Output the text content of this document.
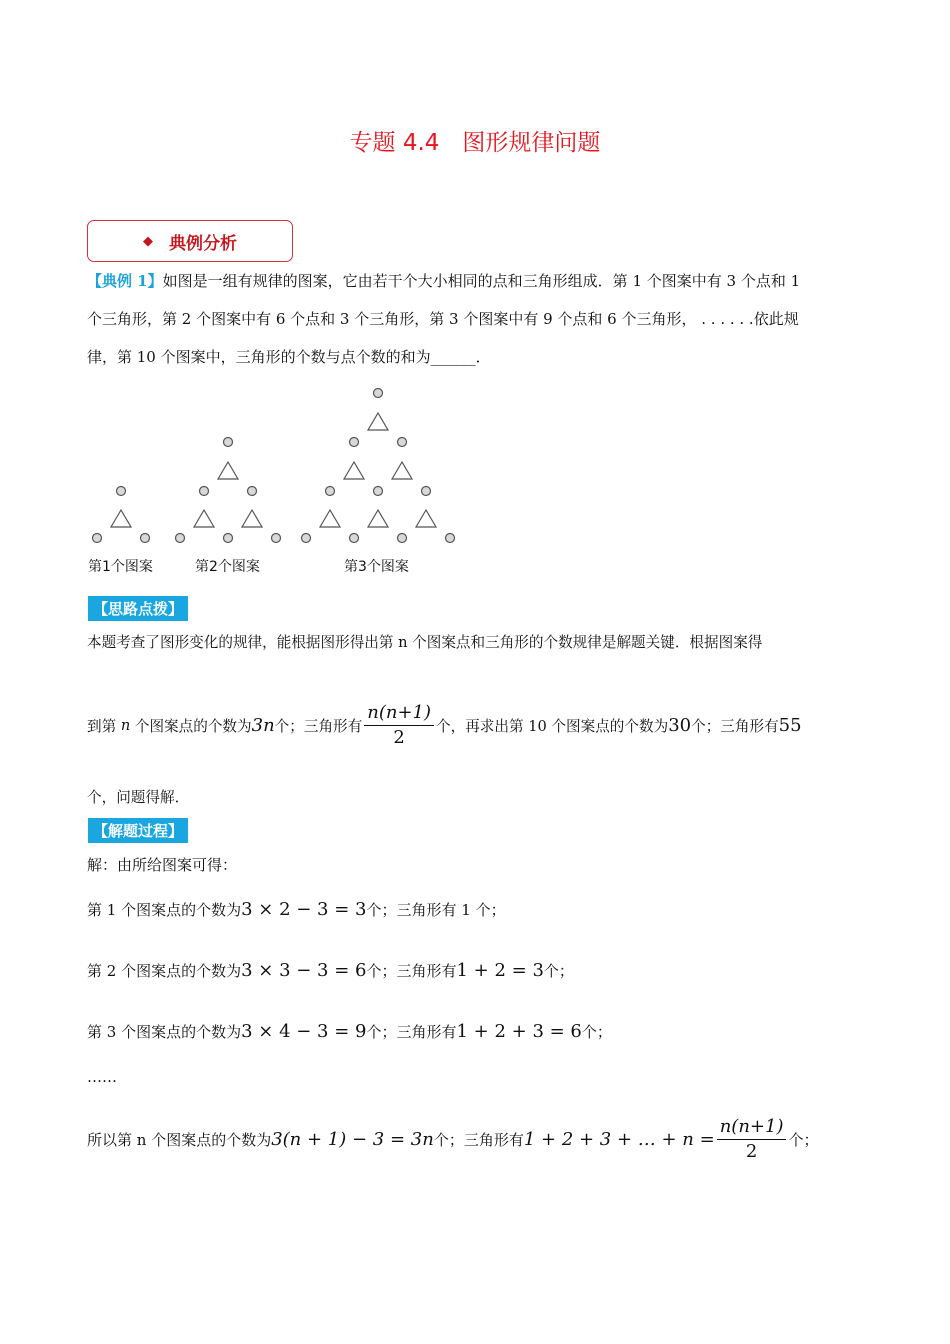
专题 4.4　图形规律问题
◆ 典例分析
【典例 1】如图是一组有规律的图案，它由若干个大小相同的点和三角形组成．第 1 个图案中有 3 个点和 1
个三角形，第 2 个图案中有 6 个点和 3 个三角形，第 3 个图案中有 9 个点和 6 个三角形， . . . . . .依此规
律，第 10 个图案中，三角形的个数与点个数的和为______．
第1个图案	第2个图案	第3个图案
【思路点拨】
本题考查了图形变化的规律，能根据图形得出第 n 个图案点和三角形的个数规律是解题关键．根据图案得
到第 n 个图案点的个数为3n个；三角形有 $\frac{n(n+1)}{2}$ 个，再求出第 10 个图案点的个数为30个；三角形有55
个，问题得解．
【解题过程】
解：由所给图案可得：
第 1 个图案点的个数为3 × 2 − 3 = 3个；三角形有 1 个；
第 2 个图案点的个数为3 × 3 − 3 = 6个；三角形有1 + 2 = 3个；
第 3 个图案点的个数为3 × 4 − 3 = 9个；三角形有1 + 2 + 3 = 6个；
……
所以第 n 个图案点的个数为3(n + 1) − 3 = 3n个；三角形有1 + 2 + 3 + … + $n = \frac{n(n+1)}{2}$ 个；
